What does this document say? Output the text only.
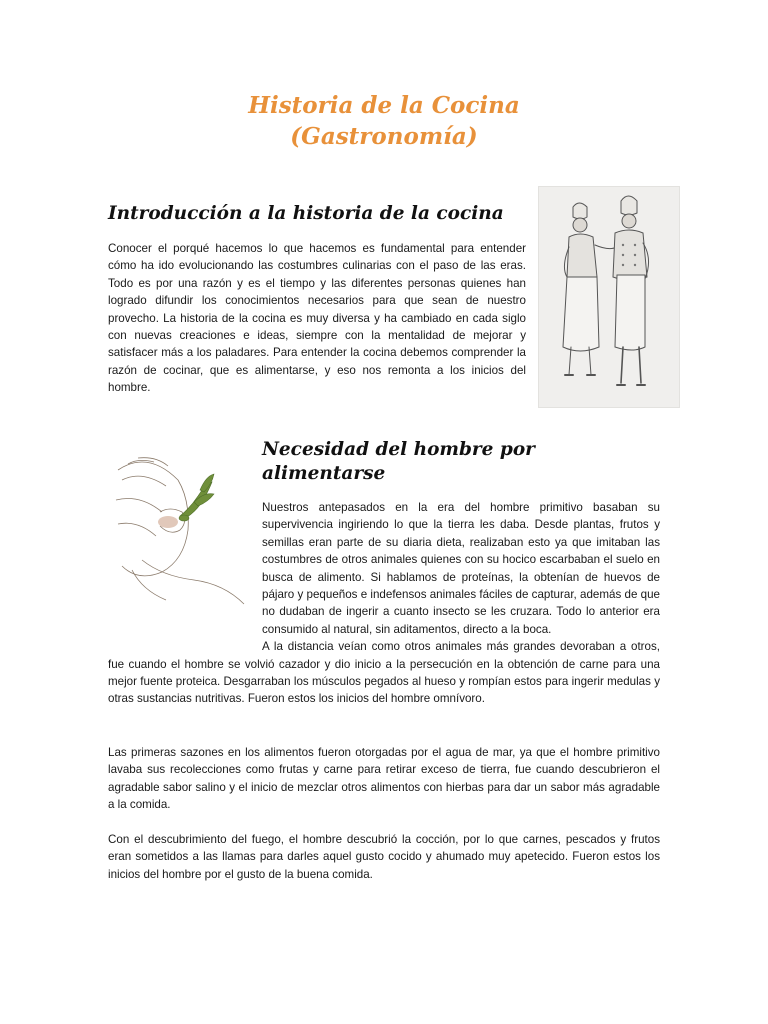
Historia de la Cocina
(Gastronomía)
Introducción a la historia de la cocina

Conocer el porqué hacemos lo que hacemos es fundamental para entender cómo ha ido evolucionando las costumbres culinarias con el paso de las eras. Todo es por una razón y es el tiempo y las diferentes personas quienes han logrado difundir los conocimientos necesarios para que sean de nuestro provecho. La historia de la cocina es muy diversa y ha cambiado en cada siglo con nuevas creaciones e ideas, siempre con la mentalidad de mejorar y satisfacer más a los paladares. Para entender la cocina debemos comprender la razón de cocinar, que es alimentarse, y eso nos remonta a los inicios del hombre.

Necesidad del hombre por alimentarse
Nuestros antepasados en la era del hombre primitivo basaban su supervivencia ingiriendo lo que la tierra les daba. Desde plantas, frutos y semillas eran parte de su diaria dieta, realizaban esto ya que imitaban las costumbres de otros animales quienes con su hocico escarbaban el suelo en busca de alimento. Si hablamos de proteínas, la obtenían de huevos de pájaro y pequeños e indefensos animales fáciles de capturar, además de que no dudaban de ingerir a cuanto insecto se les cruzara. Todo lo anterior era consumido al natural, sin aditamentos, directo a la boca.
A la distancia veían como otros animales más grandes devoraban a otros, fue cuando el hombre se volvió cazador y dio inicio a la persecución en la obtención de carne para una mejor fuente proteica. Desgarraban los músculos pegados al hueso y rompían estos para ingerir medulas y otras sustancias nutritivas. Fueron estos los inicios del hombre omnívoro.

Las primeras sazones en los alimentos fueron otorgadas por el agua de mar, ya que el hombre primitivo lavaba sus recolecciones como frutas y carne para retirar exceso de tierra, fue cuando descubrieron el agradable sabor salino y el inicio de mezclar otros alimentos con hierbas para dar un sabor más agradable a la comida.

Con el descubrimiento del fuego, el hombre descubrió la cocción, por lo que carnes, pescados y frutos eran sometidos a las llamas para darles aquel gusto cocido y ahumado muy apetecido. Fueron estos los inicios del hombre por el gusto de la buena comida.
